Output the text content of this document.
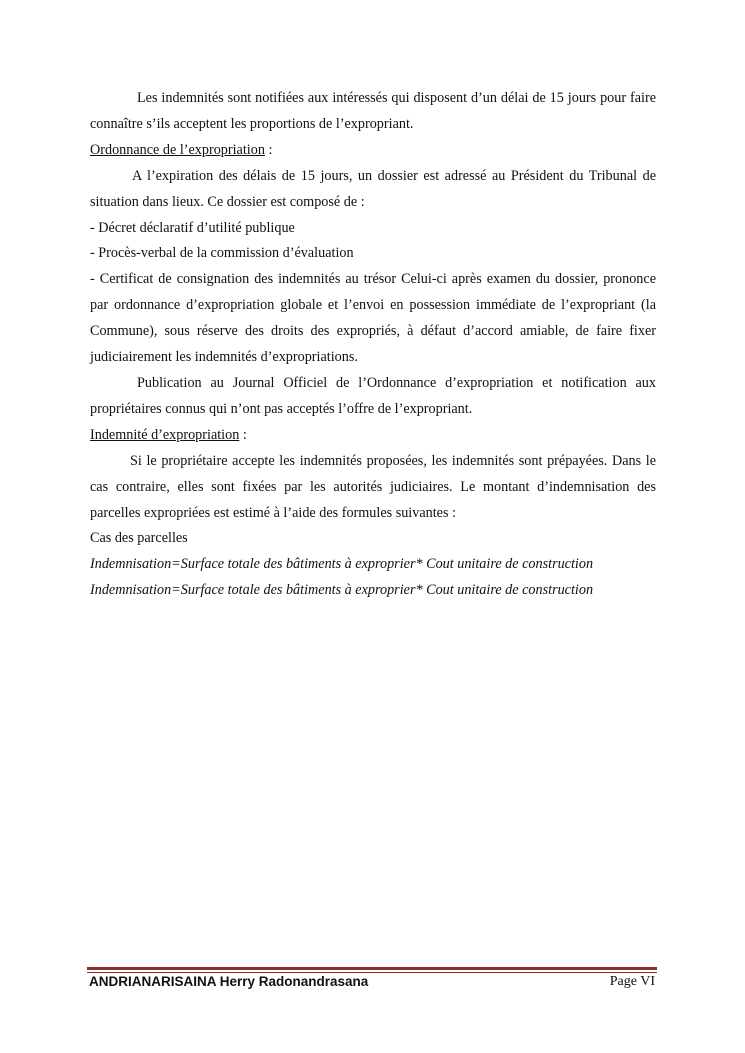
Les indemnités sont notifiées aux intéressés qui disposent d’un délai de 15 jours pour faire connaître s’ils acceptent les proportions de l’expropriant.

Ordonnance de l’expropriation :

A l’expiration des délais de 15 jours, un dossier est adressé au Président du Tribunal de situation dans lieux. Ce dossier est composé de :

- Décret déclaratif d’utilité publique

- Procès-verbal de la commission d’évaluation

- Certificat de consignation des indemnités au trésor Celui-ci après examen du dossier, prononce par ordonnance d’expropriation globale et l’envoi en possession immédiate de l’expropriant (la Commune), sous réserve des droits des expropriés, à défaut d’accord amiable, de faire fixer judiciairement les indemnités d’expropriations.

Publication au Journal Officiel de l’Ordonnance d’expropriation et notification aux propriétaires connus qui n’ont pas acceptés l’offre de l’expropriant.

Indemnité d’expropriation :

Si le propriétaire accepte les indemnités proposées, les indemnités sont prépayées. Dans le cas contraire, elles sont fixées par les autorités judiciaires. Le montant d’indemnisation des parcelles expropriées est estimé à l’aide des formules suivantes :

Cas des parcelles

Indemnisation=Surface totale des bâtiments à exproprier* Cout unitaire de construction

Indemnisation=Surface totale des bâtiments à exproprier* Cout unitaire de construction

ANDRIANARISAINA Herry Radonandrasana	Page VI
